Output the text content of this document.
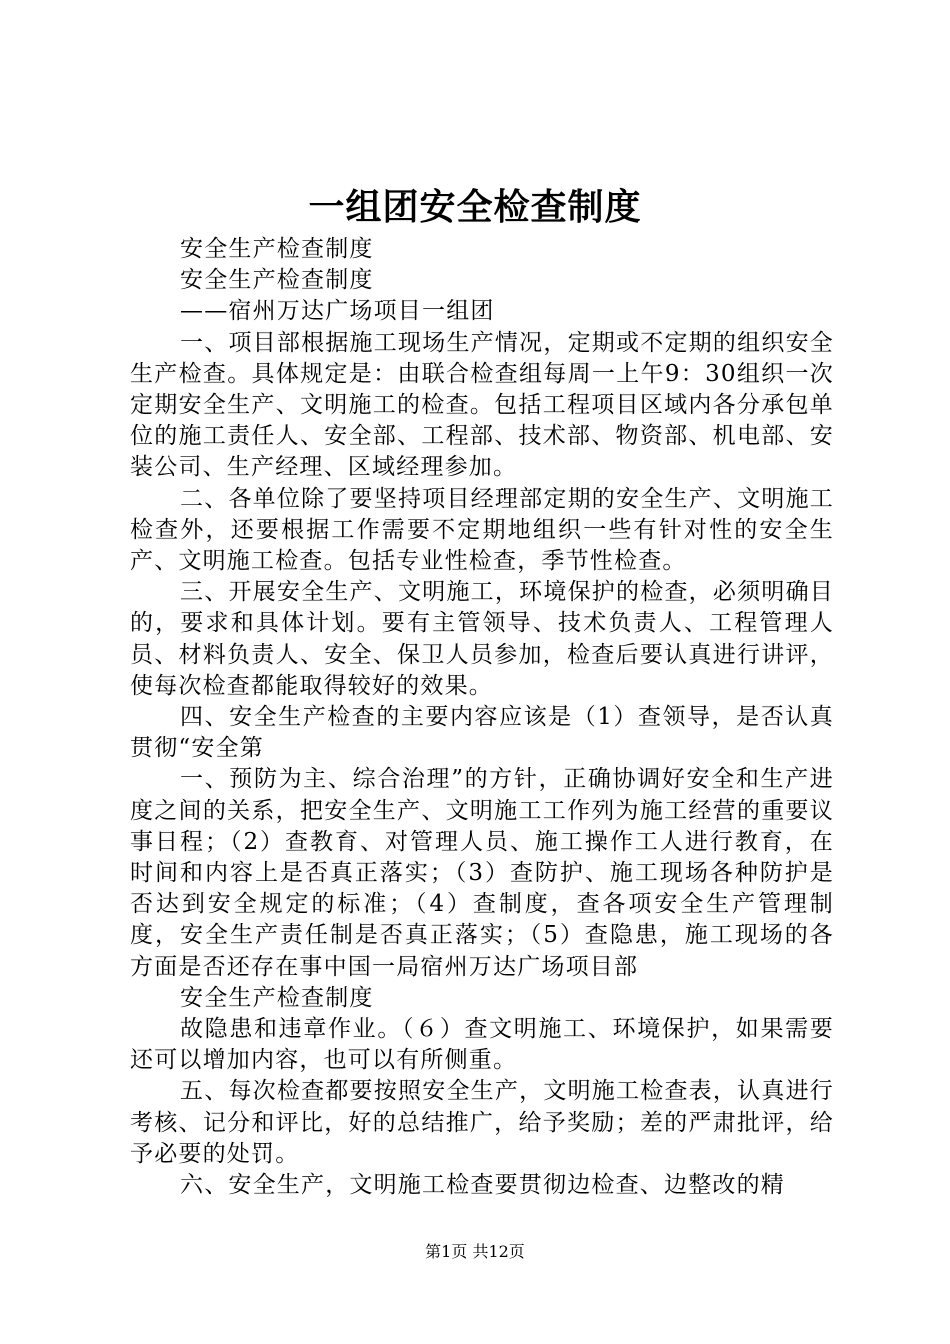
一组团安全检查制度

安全生产检查制度

安全生产检查制度

——宿州万达广场项目一组团

一、项目部根据施工现场生产情况，定期或不定期的组织安全生产检查。具体规定是：由联合检查组每周一上午9：30组织一次定期安全生产、文明施工的检查。包括工程项目区域内各分承包单位的施工责任人、安全部、工程部、技术部、物资部、机电部、安装公司、生产经理、区域经理参加。

二、各单位除了要坚持项目经理部定期的安全生产、文明施工检查外，还要根据工作需要不定期地组织一些有针对性的安全生产、文明施工检查。包括专业性检查，季节性检查。

三、开展安全生产、文明施工，环境保护的检查，必须明确目的，要求和具体计划。要有主管领导、技术负责人、工程管理人员、材料负责人、安全、保卫人员参加，检查后要认真进行讲评，使每次检查都能取得较好的效果。

四、安全生产检查的主要内容应该是（1）查领导，是否认真贯彻“安全第

一、预防为主、综合治理”的方针，正确协调好安全和生产进度之间的关系，把安全生产、文明施工工作列为施工经营的重要议事日程；（2）查教育、对管理人员、施工操作工人进行教育，在时间和内容上是否真正落实；（3）查防护、施工现场各种防护是否达到安全规定的标准；（4）查制度，查各项安全生产管理制度，安全生产责任制是否真正落实；（5）查隐患，施工现场的各方面是否还存在事中国一局宿州万达广场项目部

安全生产检查制度

故隐患和违章作业。（６）查文明施工、环境保护，如果需要还可以增加内容，也可以有所侧重。

五、每次检查都要按照安全生产，文明施工检查表，认真进行考核、记分和评比，好的总结推广，给予奖励；差的严肃批评，给予必要的处罚。

六、安全生产，文明施工检查要贯彻边检查、边整改的精

第1页 共12页
